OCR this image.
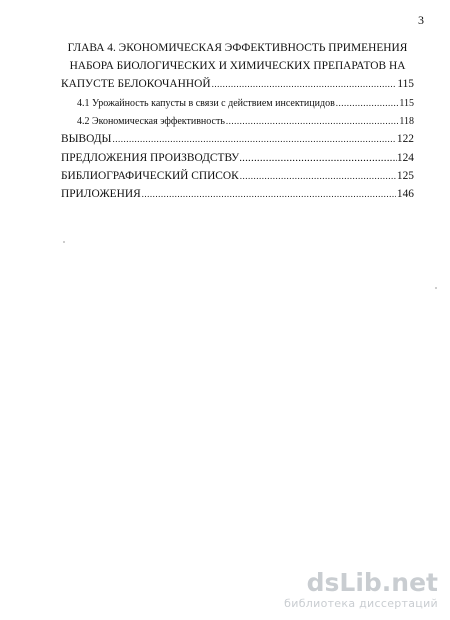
3
ГЛАВА 4. ЭКОНОМИЧЕСКАЯ ЭФФЕКТИВНОСТЬ ПРИМЕНЕНИЯ
НАБОРА БИОЛОГИЧЕСКИХ И ХИМИЧЕСКИХ ПРЕПАРАТОВ НА
КАПУСТЕ БЕЛОКОЧАННОЙ .....	115
4.1 Урожайность капусты в связи с действием инсектицидов .....	115
4.2 Экономическая эффективность .....	118
ВЫВОДЫ .....	122
ПРЕДЛОЖЕНИЯ ПРОИЗВОДСТВУ .....	124
БИБЛИОГРАФИЧЕСКИЙ СПИСОК .....	125
ПРИЛОЖЕНИЯ .....	146
dsLib.net
библиотека диссертаций
